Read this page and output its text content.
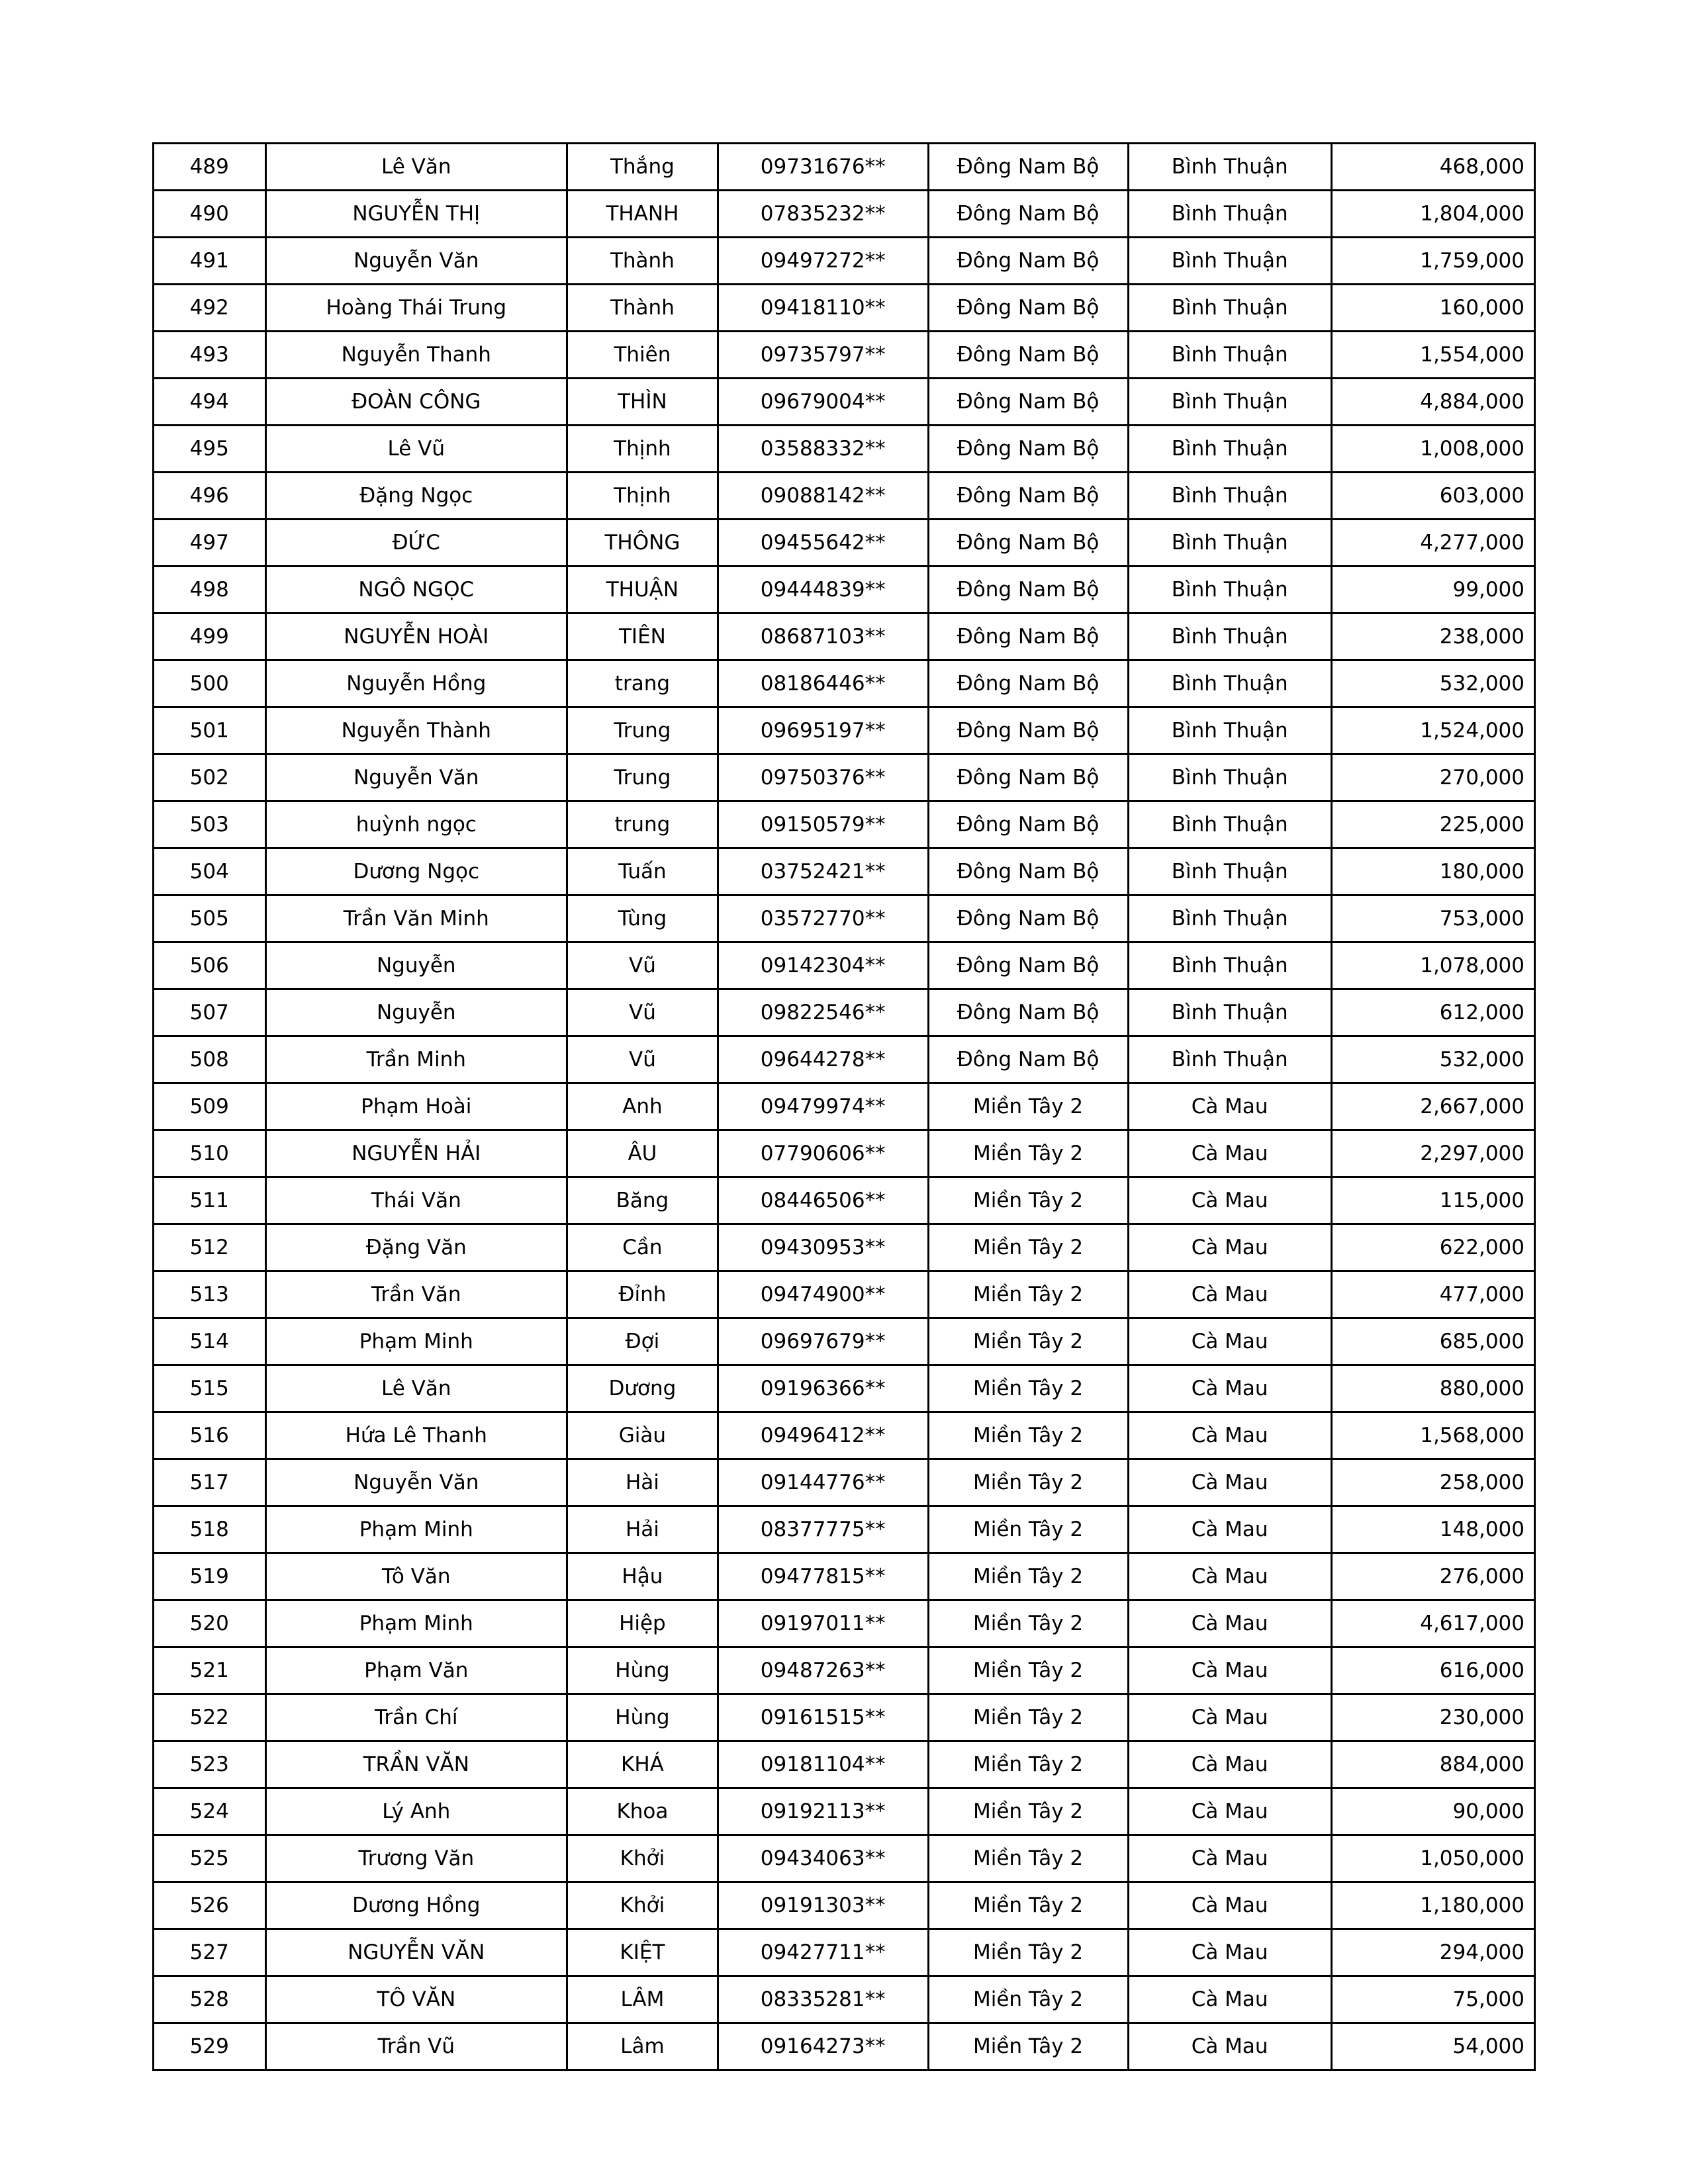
489	Lê Văn	Thắng	09731676**	Đông Nam Bộ	Bình Thuận	468,000
490	NGUYỄN THỊ	THANH	07835232**	Đông Nam Bộ	Bình Thuận	1,804,000
491	Nguyễn Văn	Thành	09497272**	Đông Nam Bộ	Bình Thuận	1,759,000
492	Hoàng Thái Trung	Thành	09418110**	Đông Nam Bộ	Bình Thuận	160,000
493	Nguyễn Thanh	Thiên	09735797**	Đông Nam Bộ	Bình Thuận	1,554,000
494	ĐOÀN CÔNG	THÌN	09679004**	Đông Nam Bộ	Bình Thuận	4,884,000
495	Lê Vũ	Thịnh	03588332**	Đông Nam Bộ	Bình Thuận	1,008,000
496	Đặng Ngọc	Thịnh	09088142**	Đông Nam Bộ	Bình Thuận	603,000
497	ĐỨC	THÔNG	09455642**	Đông Nam Bộ	Bình Thuận	4,277,000
498	NGÔ NGỌC	THUẬN	09444839**	Đông Nam Bộ	Bình Thuận	99,000
499	NGUYỄN HOÀI	TIÊN	08687103**	Đông Nam Bộ	Bình Thuận	238,000
500	Nguyễn Hồng	trang	08186446**	Đông Nam Bộ	Bình Thuận	532,000
501	Nguyễn Thành	Trung	09695197**	Đông Nam Bộ	Bình Thuận	1,524,000
502	Nguyễn Văn	Trung	09750376**	Đông Nam Bộ	Bình Thuận	270,000
503	huỳnh ngọc	trung	09150579**	Đông Nam Bộ	Bình Thuận	225,000
504	Dương Ngọc	Tuấn	03752421**	Đông Nam Bộ	Bình Thuận	180,000
505	Trần Văn Minh	Tùng	03572770**	Đông Nam Bộ	Bình Thuận	753,000
506	Nguyễn	Vũ	09142304**	Đông Nam Bộ	Bình Thuận	1,078,000
507	Nguyễn	Vũ	09822546**	Đông Nam Bộ	Bình Thuận	612,000
508	Trần Minh	Vũ	09644278**	Đông Nam Bộ	Bình Thuận	532,000
509	Phạm Hoài	Anh	09479974**	Miền Tây 2	Cà Mau	2,667,000
510	NGUYỄN HẢI	ÂU	07790606**	Miền Tây 2	Cà Mau	2,297,000
511	Thái Văn	Băng	08446506**	Miền Tây 2	Cà Mau	115,000
512	Đặng Văn	Cần	09430953**	Miền Tây 2	Cà Mau	622,000
513	Trần Văn	Đỉnh	09474900**	Miền Tây 2	Cà Mau	477,000
514	Phạm Minh	Đợi	09697679**	Miền Tây 2	Cà Mau	685,000
515	Lê Văn	Dương	09196366**	Miền Tây 2	Cà Mau	880,000
516	Hứa Lê Thanh	Giàu	09496412**	Miền Tây 2	Cà Mau	1,568,000
517	Nguyễn Văn	Hài	09144776**	Miền Tây 2	Cà Mau	258,000
518	Phạm Minh	Hải	08377775**	Miền Tây 2	Cà Mau	148,000
519	Tô Văn	Hậu	09477815**	Miền Tây 2	Cà Mau	276,000
520	Phạm Minh	Hiệp	09197011**	Miền Tây 2	Cà Mau	4,617,000
521	Phạm Văn	Hùng	09487263**	Miền Tây 2	Cà Mau	616,000
522	Trần Chí	Hùng	09161515**	Miền Tây 2	Cà Mau	230,000
523	TRẦN VĂN	KHÁ	09181104**	Miền Tây 2	Cà Mau	884,000
524	Lý Anh	Khoa	09192113**	Miền Tây 2	Cà Mau	90,000
525	Trương Văn	Khởi	09434063**	Miền Tây 2	Cà Mau	1,050,000
526	Dương Hồng	Khởi	09191303**	Miền Tây 2	Cà Mau	1,180,000
527	NGUYỄN VĂN	KIỆT	09427711**	Miền Tây 2	Cà Mau	294,000
528	TÔ VĂN	LÂM	08335281**	Miền Tây 2	Cà Mau	75,000
529	Trần Vũ	Lâm	09164273**	Miền Tây 2	Cà Mau	54,000
